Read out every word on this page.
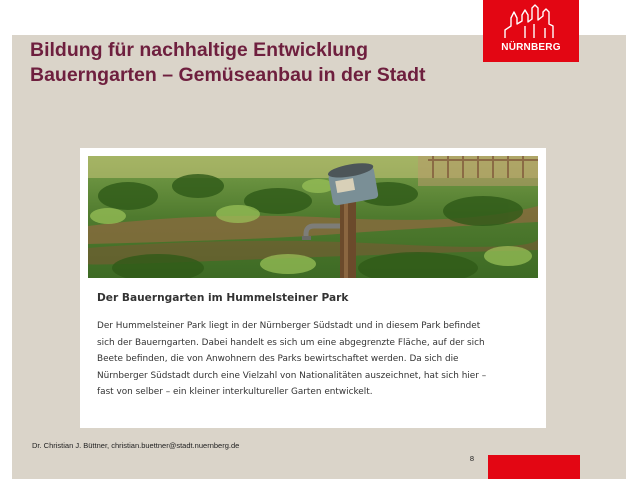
NÜRNBERG
Bildung für nachhaltige Entwicklung
Bauerngarten – Gemüseanbau in der Stadt
Der Bauerngarten im Hummelsteiner Park
Der Hummelsteiner Park liegt in der Nürnberger Südstadt und in diesem Park befindet
sich der Bauerngarten. Dabei handelt es sich um eine abgegrenzte Fläche, auf der sich
Beete befinden, die von Anwohnern des Parks bewirtschaftet werden. Da sich die
Nürnberger Südstadt durch eine Vielzahl von Nationalitäten auszeichnet, hat sich hier –
fast von selber – ein kleiner interkultureller Garten entwickelt.
Dr. Christian J. Büttner, christian.buettner@stadt.nuernberg.de
8
